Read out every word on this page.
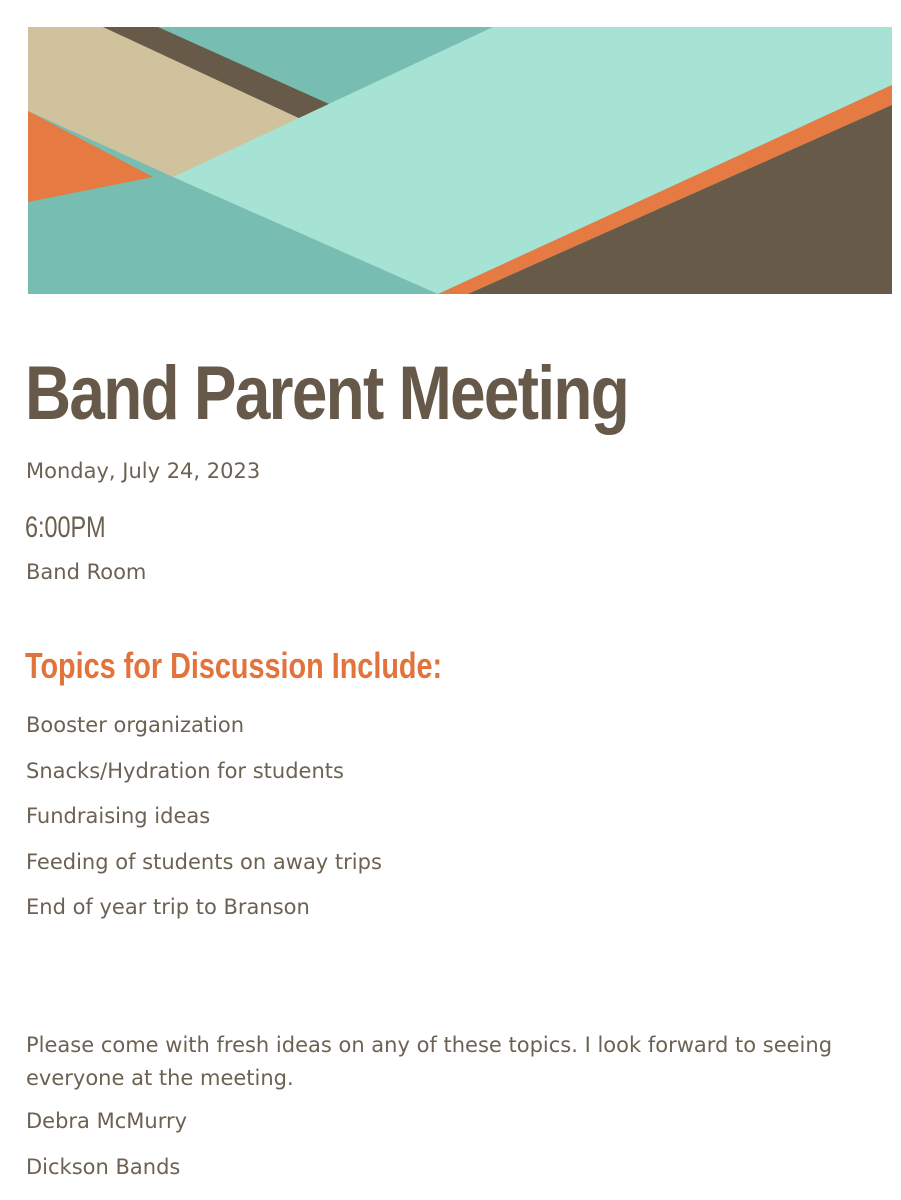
Band Parent Meeting
Monday, July 24, 2023
6:00PM
Band Room
Topics for Discussion Include:
Booster organization
Snacks/Hydration for students
Fundraising ideas
Feeding of students on away trips
End of year trip to Branson

Please come with fresh ideas on any of these topics. I look forward to seeing everyone at the meeting.

Debra McMurry
Dickson Bands
